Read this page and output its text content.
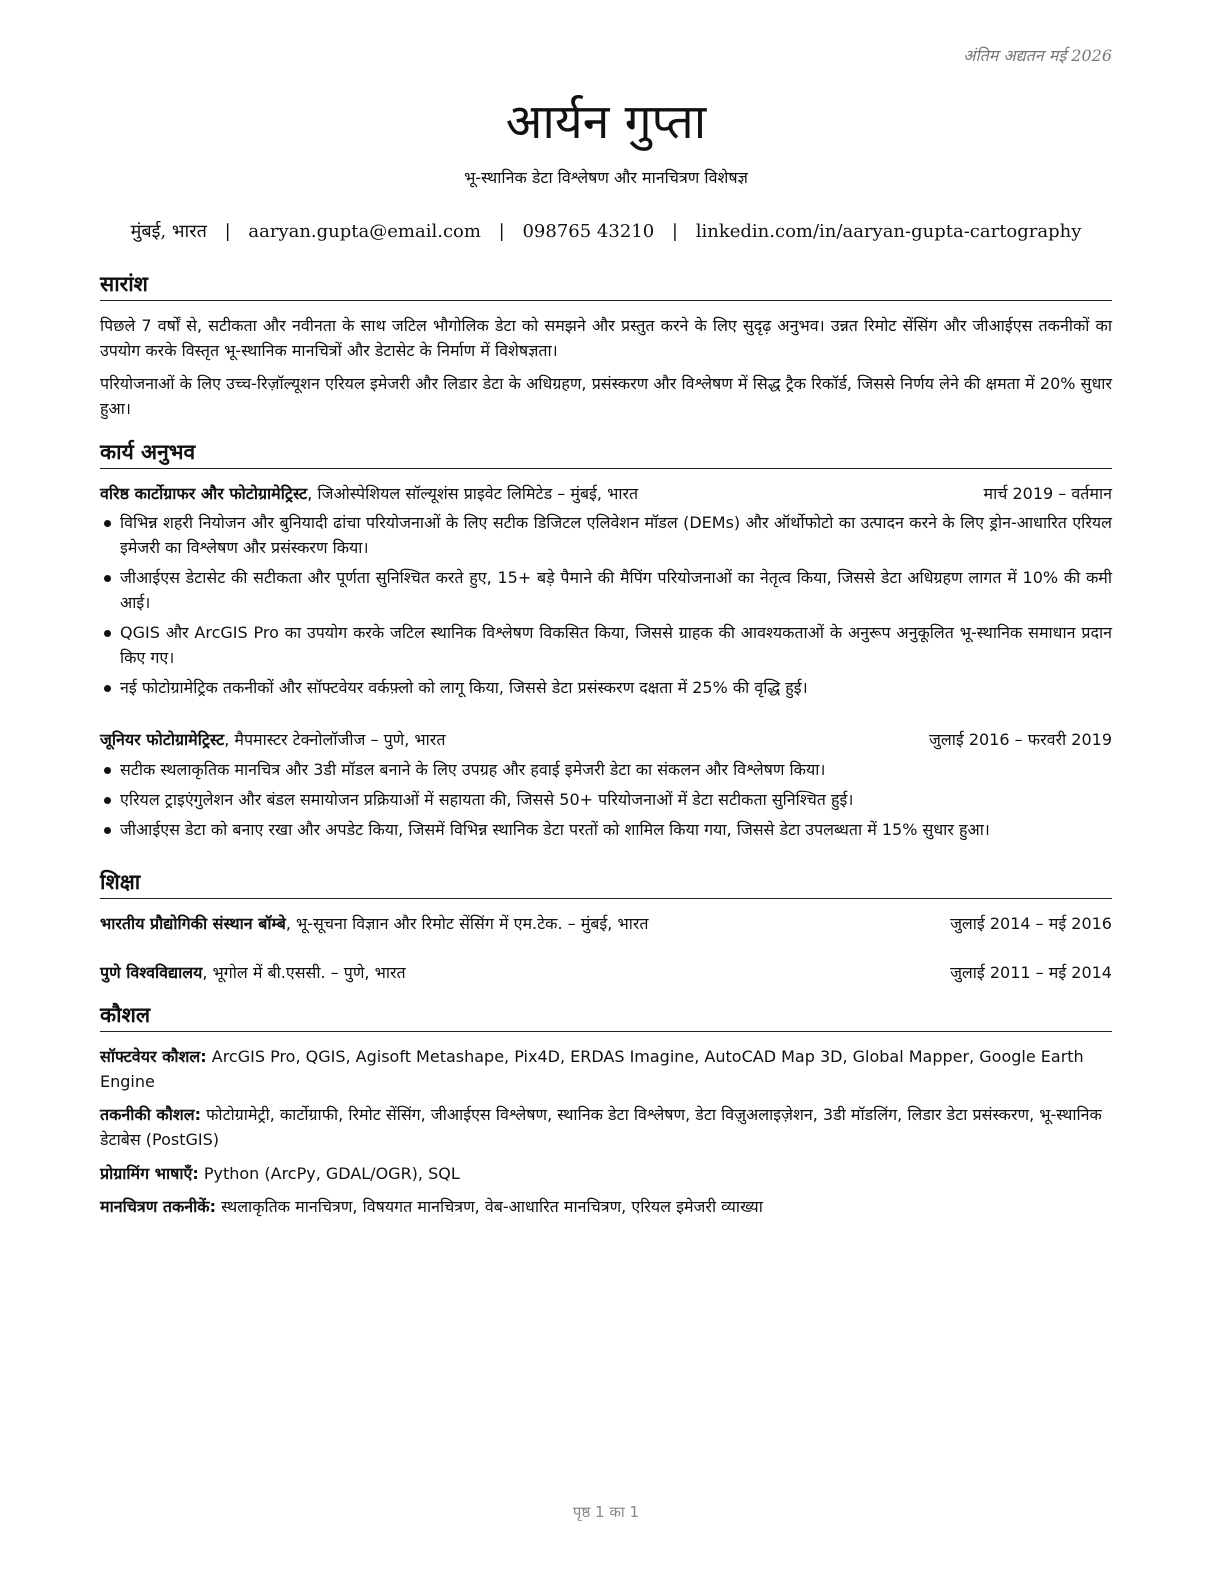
अंतिम अद्यतन मई 2026
आर्यन गुप्ता
भू-स्थानिक डेटा विश्लेषण और मानचित्रण विशेषज्ञ
मुंबई, भारत | aaryan.gupta@email.com | 098765 43210 | linkedin.com/in/aaryan-gupta-cartography
सारांश

पिछले 7 वर्षों से, सटीकता और नवीनता के साथ जटिल भौगोलिक डेटा को समझने और प्रस्तुत करने के लिए सुदृढ़ अनुभव। उन्नत रिमोट सेंसिंग और जीआईएस तकनीकों का उपयोग करके विस्तृत भू-स्थानिक मानचित्रों और डेटासेट के निर्माण में विशेषज्ञता।

परियोजनाओं के लिए उच्च-रिज़ॉल्यूशन एरियल इमेजरी और लिडार डेटा के अधिग्रहण, प्रसंस्करण और विश्लेषण में सिद्ध ट्रैक रिकॉर्ड, जिससे निर्णय लेने की क्षमता में 20% सुधार हुआ।

कार्य अनुभव
वरिष्ठ कार्टोग्राफर और फोटोग्रामेट्रिस्ट, जिओस्पेशियल सॉल्यूशंस प्राइवेट लिमिटेड – मुंबई, भारत	मार्च 2019 – वर्तमान
विभिन्न शहरी नियोजन और बुनियादी ढांचा परियोजनाओं के लिए सटीक डिजिटल एलिवेशन मॉडल (DEMs) और ऑर्थोफोटो का उत्पादन करने के लिए ड्रोन-आधारित एरियल इमेजरी का विश्लेषण और प्रसंस्करण किया।
जीआईएस डेटासेट की सटीकता और पूर्णता सुनिश्चित करते हुए, 15+ बड़े पैमाने की मैपिंग परियोजनाओं का नेतृत्व किया, जिससे डेटा अधिग्रहण लागत में 10% की कमी आई।
QGIS और ArcGIS Pro का उपयोग करके जटिल स्थानिक विश्लेषण विकसित किया, जिससे ग्राहक की आवश्यकताओं के अनुरूप अनुकूलित भू-स्थानिक समाधान प्रदान किए गए।
नई फोटोग्रामेट्रिक तकनीकों और सॉफ्टवेयर वर्कफ़्लो को लागू किया, जिससे डेटा प्रसंस्करण दक्षता में 25% की वृद्धि हुई।
जूनियर फोटोग्रामेट्रिस्ट, मैपमास्टर टेक्नोलॉजीज – पुणे, भारत	जुलाई 2016 – फरवरी 2019
सटीक स्थलाकृतिक मानचित्र और 3डी मॉडल बनाने के लिए उपग्रह और हवाई इमेजरी डेटा का संकलन और विश्लेषण किया।
एरियल ट्राइएंगुलेशन और बंडल समायोजन प्रक्रियाओं में सहायता की, जिससे 50+ परियोजनाओं में डेटा सटीकता सुनिश्चित हुई।
जीआईएस डेटा को बनाए रखा और अपडेट किया, जिसमें विभिन्न स्थानिक डेटा परतों को शामिल किया गया, जिससे डेटा उपलब्धता में 15% सुधार हुआ।
शिक्षा
भारतीय प्रौद्योगिकी संस्थान बॉम्बे, भू-सूचना विज्ञान और रिमोट सेंसिंग में एम.टेक. – मुंबई, भारत	जुलाई 2014 – मई 2016
पुणे विश्वविद्यालय, भूगोल में बी.एससी. – पुणे, भारत	जुलाई 2011 – मई 2014
कौशल

सॉफ्टवेयर कौशल: ArcGIS Pro, QGIS, Agisoft Metashape, Pix4D, ERDAS Imagine, AutoCAD Map 3D, Global Mapper, Google Earth Engine

तकनीकी कौशल: फोटोग्रामेट्री, कार्टोग्राफी, रिमोट सेंसिंग, जीआईएस विश्लेषण, स्थानिक डेटा विश्लेषण, डेटा विज़ुअलाइज़ेशन, 3डी मॉडलिंग, लिडार डेटा प्रसंस्करण, भू-स्थानिक डेटाबेस (PostGIS)

प्रोग्रामिंग भाषाएँ: Python (ArcPy, GDAL/OGR), SQL

मानचित्रण तकनीकें: स्थलाकृतिक मानचित्रण, विषयगत मानचित्रण, वेब-आधारित मानचित्रण, एरियल इमेजरी व्याख्या

पृष्ठ 1 का 1
